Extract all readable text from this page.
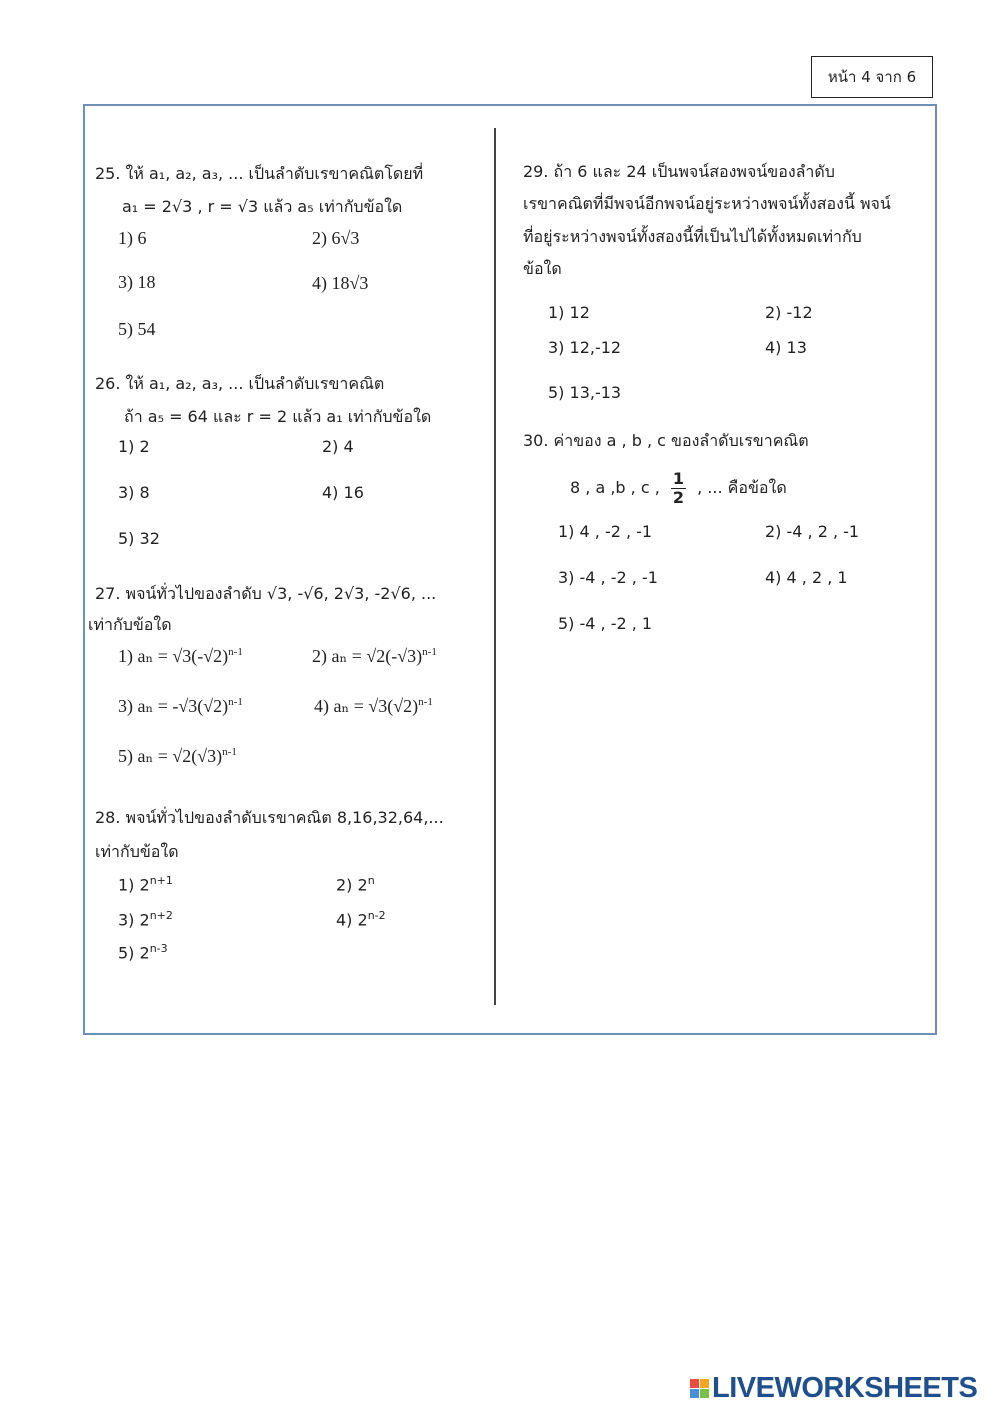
หน้า 4 จาก 6
25. ให้ a₁, a₂, a₃, ... เป็นลำดับเรขาคณิตโดยที่
a₁ = 2√3 , r = √3 แล้ว a₅ เท่ากับข้อใด
1) 6	2) 6√3
3) 18	4) 18√3
5) 54
26. ให้ a₁, a₂, a₃, ... เป็นลำดับเรขาคณิต
ถ้า a₅ = 64 และ r = 2 แล้ว a₁ เท่ากับข้อใด
1) 2	2) 4
3) 8	4) 16
5) 32
27. พจน์ทั่วไปของลำดับ √3, -√6, 2√3, -2√6, ...
เท่ากับข้อใด
1) $a_n = √3(-√2)^{n-1}$	2) $a_n = √2(-√3)^{n-1}$
3) $a_n = -√3(√2)^{n-1}$	4) $a_n = √3(√2)^{n-1}$
5) $a_n = √2(√3)^{n-1}$
28. พจน์ทั่วไปของลำดับเรขาคณิต 8,16,32,64,...
เท่ากับข้อใด
1) $2^{n+1}$	2) 2$^n$
3) $2^{n+2}$	4) 2$^{n-2}$
5) 2$^{n-3}$
29. ถ้า 6 และ 24 เป็นพจน์สองพจน์ของลำดับ
เรขาคณิตที่มีพจน์อีกพจน์อยู่ระหว่างพจน์ทั้งสองนี้ พจน์
ที่อยู่ระหว่างพจน์ทั้งสองนี้ที่เป็นไปได้ทั้งหมดเท่ากับ
ข้อใด
1) 12	2) -12
3) 12,-12	4) 13
5) 13,-13
30. ค่าของ a , b , c ของลำดับเรขาคณิต
8 , a ,b , c , $\frac{1}{2}$ , ... คือข้อใด
1) 4 , -2 , -1	2) -4 , 2 , -1
3) -4 , -2 , -1	4) 4 , 2 , 1
5) -4 , -2 , 1
LIVEWORKSHEETS
